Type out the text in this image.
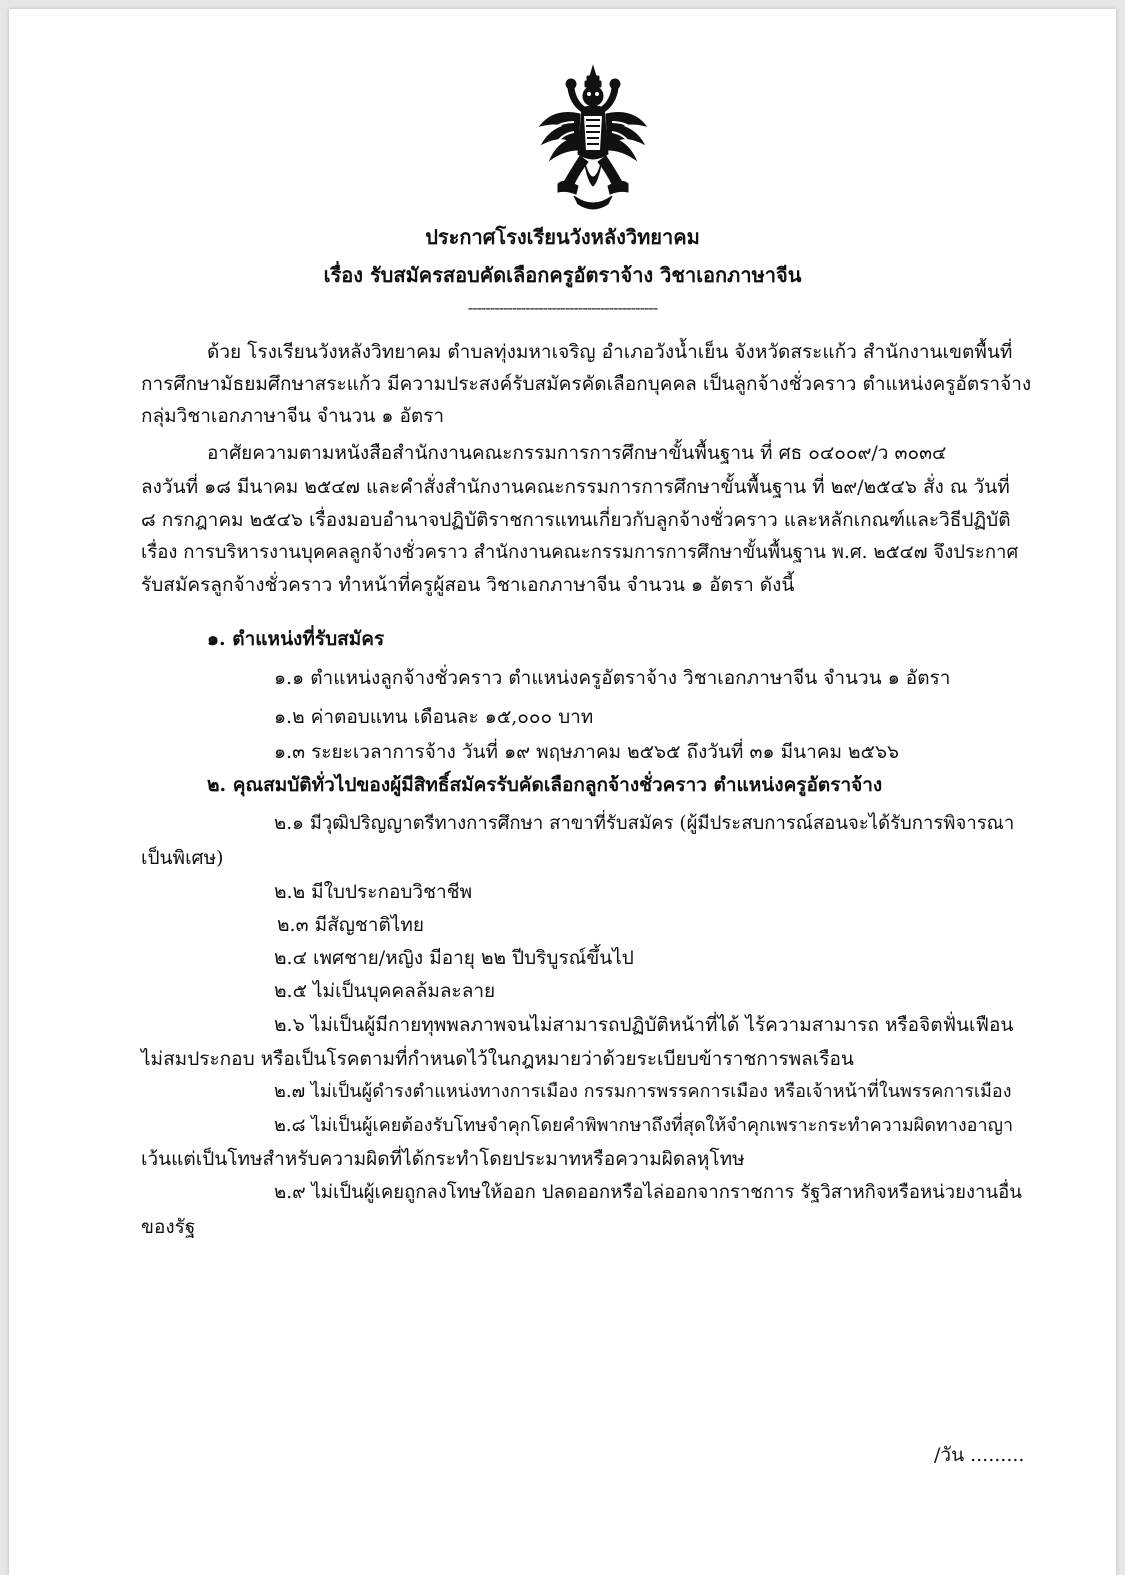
ประกาศโรงเรียนวังหลังวิทยาคม
เรื่อง รับสมัครสอบคัดเลือกครูอัตราจ้าง วิชาเอกภาษาจีน
-------------------------------------------
ด้วย โรงเรียนวังหลังวิทยาคม ตำบลทุ่งมหาเจริญ อำเภอวังน้ำเย็น จังหวัดสระแก้ว สำนักงานเขตพื้นที่
การศึกษามัธยมศึกษาสระแก้ว มีความประสงค์รับสมัครคัดเลือกบุคคล เป็นลูกจ้างชั่วคราว ตำแหน่งครูอัตราจ้าง
กลุ่มวิชาเอกภาษาจีน จำนวน ๑ อัตรา
อาศัยความตามหนังสือสำนักงานคณะกรรมการการศึกษาขั้นพื้นฐาน ที่ ศธ ๐๔๐๐๙/ว ๓๐๓๔
ลงวันที่ ๑๘ มีนาคม ๒๕๔๗ และคำสั่งสำนักงานคณะกรรมการการศึกษาขั้นพื้นฐาน ที่ ๒๙/๒๕๔๖ สั่ง ณ วันที่
๘ กรกฎาคม ๒๕๔๖ เรื่องมอบอำนาจปฏิบัติราชการแทนเกี่ยวกับลูกจ้างชั่วคราว และหลักเกณฑ์และวิธีปฏิบัติ
เรื่อง การบริหารงานบุคคลลูกจ้างชั่วคราว สำนักงานคณะกรรมการการศึกษาขั้นพื้นฐาน พ.ศ. ๒๕๔๗ จึงประกาศ
รับสมัครลูกจ้างชั่วคราว ทำหน้าที่ครูผู้สอน วิชาเอกภาษาจีน จำนวน ๑ อัตรา ดังนี้
๑. ตำแหน่งที่รับสมัคร
๑.๑ ตำแหน่งลูกจ้างชั่วคราว ตำแหน่งครูอัตราจ้าง วิชาเอกภาษาจีน จำนวน ๑ อัตรา
๑.๒ ค่าตอบแทน เดือนละ ๑๕,๐๐๐ บาท
๑.๓ ระยะเวลาการจ้าง วันที่ ๑๙ พฤษภาคม ๒๕๖๕ ถึงวันที่ ๓๑ มีนาคม ๒๕๖๖
๒. คุณสมบัติทั่วไปของผู้มีสิทธิ์สมัครรับคัดเลือกลูกจ้างชั่วคราว ตำแหน่งครูอัตราจ้าง
๒.๑ มีวุฒิปริญญาตรีทางการศึกษา สาขาที่รับสมัคร (ผู้มีประสบการณ์สอนจะได้รับการพิจารณา
เป็นพิเศษ)
๒.๒ มีใบประกอบวิชาชีพ
๒.๓ มีสัญชาติไทย
๒.๔ เพศชาย/หญิง มีอายุ ๒๒ ปีบริบูรณ์ขึ้นไป
๒.๕ ไม่เป็นบุคคลล้มละลาย
๒.๖ ไม่เป็นผู้มีกายทุพพลภาพจนไม่สามารถปฏิบัติหน้าที่ได้ ไร้ความสามารถ หรือจิตฟั่นเฟือน
ไม่สมประกอบ หรือเป็นโรคตามที่กำหนดไว้ในกฎหมายว่าด้วยระเบียบข้าราชการพลเรือน
๒.๗ ไม่เป็นผู้ดำรงตำแหน่งทางการเมือง กรรมการพรรคการเมือง หรือเจ้าหน้าที่ในพรรคการเมือง
๒.๘ ไม่เป็นผู้เคยต้องรับโทษจำคุกโดยคำพิพากษาถึงที่สุดให้จำคุกเพราะกระทำความผิดทางอาญา
เว้นแต่เป็นโทษสำหรับความผิดที่ได้กระทำโดยประมาทหรือความผิดลหุโทษ
๒.๙ ไม่เป็นผู้เคยถูกลงโทษให้ออก ปลดออกหรือไล่ออกจากราชการ รัฐวิสาหกิจหรือหน่วยงานอื่น
ของรัฐ
/วัน .........
